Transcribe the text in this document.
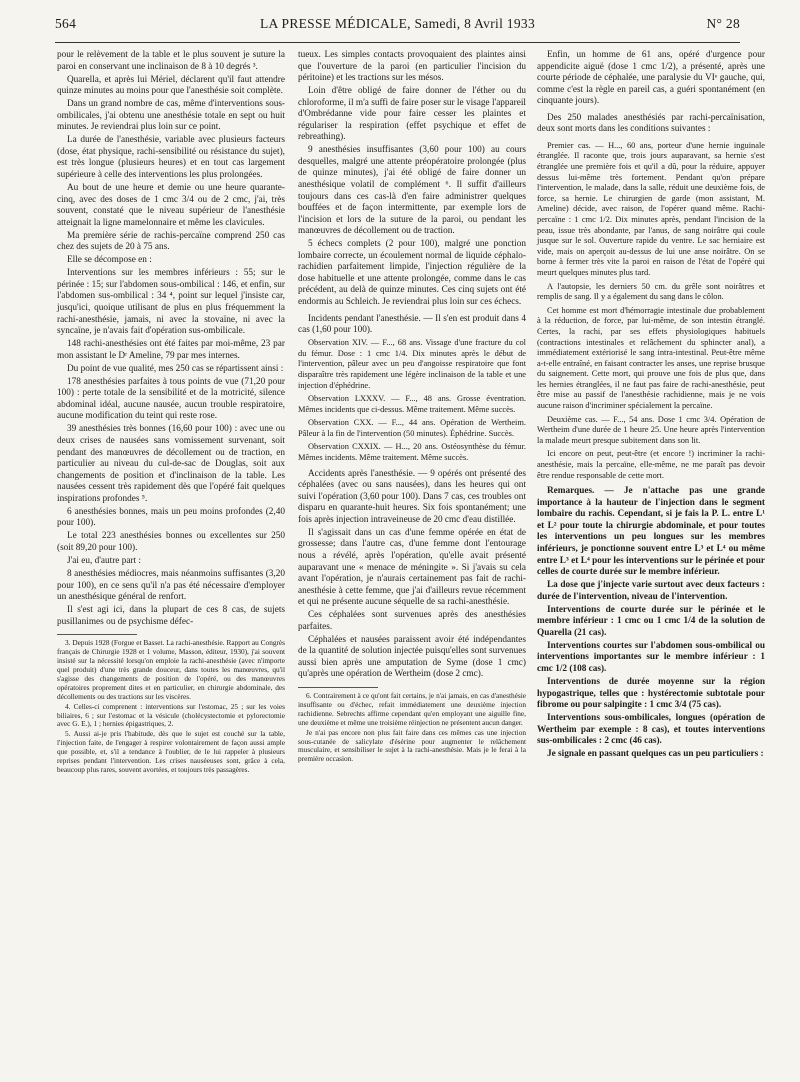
564	LA PRESSE MÉDICALE, Samedi, 8 Avril 1933	N° 28

pour le relèvement de la table et le plus souvent je suture la paroi en conservant une inclinaison de 8 à 10 degrés ³.

Quarella, et après lui Mériel, déclarent qu'il faut attendre quinze minutes au moins pour que l'anesthésie soit complète.

Dans un grand nombre de cas, même d'interventions sous-ombilicales, j'ai obtenu une anesthésie totale en sept ou huit minutes. Je reviendrai plus loin sur ce point.

La durée de l'anesthésie, variable avec plusieurs facteurs (dose, état physique, rachi-sensibilité ou résistance du sujet), est très longue (plusieurs heures) et en tout cas largement supérieure à celle des interventions les plus prolongées.

Au bout de une heure et demie ou une heure quarante-cinq, avec des doses de 1 cmc 3/4 ou de 2 cmc, j'ai, très souvent, constaté que le niveau supérieur de l'anesthésie atteignait la ligne mamelonnaire et même les clavicules.

Ma première série de rachis-percaïne comprend 250 cas chez des sujets de 20 à 75 ans.

Elle se décompose en :

Interventions sur les membres inférieurs : 55; sur le périnée : 15; sur l'abdomen sous-ombilical : 146, et enfin, sur l'abdomen sus-ombilical : 34 ⁴, point sur lequel j'insiste car, jusqu'ici, quoique utilisant de plus en plus fréquemment la rachi-anesthésie, jamais, ni avec la stovaïne, ni avec la syncaïne, je n'avais fait d'opération sus-ombilicale.

148 rachi-anesthésies ont été faites par moi-même, 23 par mon assistant le Dʳ Ameline, 79 par mes internes.

Du point de vue qualité, mes 250 cas se répartissent ainsi :

178 anesthésies parfaites à tous points de vue (71,20 pour 100) : perte totale de la sensibilité et de la motricité, silence abdominal idéal, aucune nausée, aucun trouble respiratoire, aucune modification du teint qui reste rose.

39 anesthésies très bonnes (16,60 pour 100) : avec une ou deux crises de nausées sans vomissement survenant, soit pendant des manœuvres de décollement ou de traction, en particulier au niveau du cul-de-sac de Douglas, soit aux changements de position et d'inclinaison de la table. Les nausées cessent très rapidement dès que l'opéré fait quelques inspirations profondes ⁵.

6 anesthésies bonnes, mais un peu moins profondes (2,40 pour 100).

Le total 223 anesthésies bonnes ou excellentes sur 250 (soit 89,20 pour 100).

J'ai eu, d'autre part :

8 anesthésies médiocres, mais néanmoins suffisantes (3,20 pour 100), en ce sens qu'il n'a pas été nécessaire d'employer un anesthésique général de renfort.

Il s'est agi ici, dans la plupart de ces 8 cas, de sujets pusillanimes ou de psychisme défec-

3. Depuis 1928 (Forgue et Basset. La rachi-anesthésie. Rapport au Congrès français de Chirurgie 1928 et 1 volume, Masson, éditeur, 1930), j'ai souvent insisté sur la nécessité lorsqu'on emploie la rachi-anesthésie (avec n'importe quel produit) d'une très grande douceur, dans toutes les manœuvres, qu'il s'agisse des changements de position de l'opéré, ou des manœuvres opératoires proprement dites et en particulier, en chirurgie abdominale, des décollements ou des tractions sur les viscères.

4. Celles-ci comprenent : interventions sur l'estomac, 25 ; sur les voies biliaires, 6 ; sur l'estomac et la vésicule (cholécystectomie et pylorectomie avec G. E.), 1 ; hernies épigastriques, 2.

5. Aussi ai-je pris l'habitude, dès que le sujet est couché sur la table, l'injection faite, de l'engager à respirer volontairement de façon aussi ample que possible, et, s'il a tendance à l'oublier, de le lui rappeler à plusieurs reprises pendant l'intervention. Les crises nauséeuses sont, grâce à cela, beaucoup plus rares, souvent avortées, et toujours très passagères.

tueux. Les simples contacts provoquaient des plaintes ainsi que l'ouverture de la paroi (en particulier l'incision du péritoine) et les tractions sur les mésos.

Loin d'être obligé de faire donner de l'éther ou du chloroforme, il m'a suffi de faire poser sur le visage l'appareil d'Ombrédanne vide pour faire cesser les plaintes et régulariser la respiration (effet psychique et effet de rebreathing).

9 anesthésies insuffisantes (3,60 pour 100) au cours desquelles, malgré une attente préopératoire prolongée (plus de quinze minutes), j'ai été obligé de faire donner un anesthésique volatil de complément ⁶. Il suffit d'ailleurs toujours dans ces cas-là d'en faire administrer quelques bouffées et de façon intermittente, par exemple lors de l'incision et lors de la suture de la paroi, ou pendant les manœuvres de décollement ou de traction.

5 échecs complets (2 pour 100), malgré une ponction lombaire correcte, un écoulement normal de liquide céphalo-rachidien parfaitement limpide, l'injection régulière de la dose habituelle et une attente prolongée, comme dans le cas précédent, au delà de quinze minutes. Ces cinq sujets ont été endormis au Schleich. Je reviendrai plus loin sur ces échecs.

Incidents pendant l'anesthésie. — Il s'en est produit dans 4 cas (1,60 pour 100).

Observation XIV. — F..., 68 ans. Vissage d'une fracture du col du fémur. Dose : 1 cmc 1/4. Dix minutes après le début de l'intervention, pâleur avec un peu d'angoisse respiratoire que font disparaître très rapidement une légère inclinaison de la table et une injection d'éphédrine.

Observation LXXXV. — F..., 48 ans. Grosse éventration. Mêmes incidents que ci-dessus. Même traitement. Même succès.

Observation CXX. — F..., 44 ans. Opération de Wertheim. Pâleur à la fin de l'intervention (50 minutes). Éphédrine. Succès.

Observation CXXIX. — H..., 20 ans. Ostéosynthèse du fémur. Mêmes incidents. Même traitement. Même succès.

Accidents après l'anesthésie. — 9 opérés ont présenté des céphalées (avec ou sans nausées), dans les heures qui ont suivi l'opération (3,60 pour 100). Dans 7 cas, ces troubles ont disparu en quarante-huit heures. Six fois spontanément; une fois après injection intraveineuse de 20 cmc d'eau distillée.

Il s'agissait dans un cas d'une femme opérée en état de grossesse; dans l'autre cas, d'une femme dont l'entourage nous a révélé, après l'opération, qu'elle avait présenté auparavant une « menace de méningite ». Si j'avais su cela avant l'opération, je n'aurais certainement pas fait de rachi-anesthésie à cette femme, que j'ai d'ailleurs revue récemment et qui ne présente aucune séquelle de sa rachi-anesthésie.

Ces céphalées sont survenues après des anesthésies parfaites.

Céphalées et nausées paraissent avoir été indépendantes de la quantité de solution injectée puisqu'elles sont survenues aussi bien après une amputation de Syme (dose 1 cmc) qu'après une opération de Wertheim (dose 2 cmc).

6. Contrairement à ce qu'ont fait certains, je n'ai jamais, en cas d'anesthésie insuffisante ou d'échec, refait immédiatement une deuxième injection rachidienne. Sebrechts affirme cependant qu'en employant une aiguille fine, une deuxième et même une troisième réinjection ne présentent aucun danger.

Je n'ai pas encore non plus fait faire dans ces mêmes cas une injection sous-cutanée de salicylate d'ésérine pour augmenter le relâchement musculaire, et sensibiliser le sujet à la rachi-anesthésie. Mais je le ferai à la première occasion.

Enfin, un homme de 61 ans, opéré d'urgence pour appendicite aiguë (dose 1 cmc 1/2), a présenté, après une courte période de céphalée, une paralysie du VIᵉ gauche, qui, comme c'est la règle en pareil cas, a guéri spontanément (en cinquante jours).

Des 250 malades anesthésiés par rachi-percaïnisation, deux sont morts dans les conditions suivantes :

Premier cas. — H..., 60 ans, porteur d'une hernie inguinale étranglée. Il raconte que, trois jours auparavant, sa hernie s'est étranglée une première fois et qu'il a dû, pour la réduire, appuyer dessus lui-même très fortement. Pendant qu'on prépare l'intervention, le malade, dans la salle, réduit une deuxième fois, de force, sa hernie. Le chirurgien de garde (mon assistant, M. Ameline) décide, avec raison, de l'opérer quand même. Rachi-percaïne : 1 cmc 1/2. Dix minutes après, pendant l'incision de la peau, issue très abondante, par l'anus, de sang noirâtre qui coule jusque sur le sol. Ouverture rapide du ventre. Le sac herniaire est vide, mais on aperçoit au-dessus de lui une anse noirâtre. On se borne à fermer très vite la paroi en raison de l'état de l'opéré qui meurt quelques minutes plus tard.

A l'autopsie, les derniers 50 cm. du grêle sont noirâtres et remplis de sang. Il y a également du sang dans le côlon.

Cet homme est mort d'hémorragie intestinale due probablement à la réduction, de force, par lui-même, de son intestin étranglé. Certes, la rachi, par ses effets physiologiques habituels (contractions intestinales et relâchement du sphincter anal), a immédiatement extériorisé le sang intra-intestinal. Peut-être même a-t-elle entraîné, en faisant contracter les anses, une reprise brusque du saignement. Cette mort, qui prouve une fois de plus que, dans les hernies étranglées, il ne faut pas faire de rachi-anesthésie, peut être mise au passif de l'anesthésie rachidienne, mais je ne vois aucune raison d'incriminer spécialement la percaïne.

Deuxième cas. — F..., 54 ans. Dose 1 cmc 3/4. Opération de Wertheim d'une durée de 1 heure 25. Une heure après l'intervention la malade meurt presque subitement dans son lit.

Ici encore on peut, peut-être (et encore !) incriminer la rachi-anesthésie, mais la percaïne, elle-même, ne me paraît pas devoir être rendue responsable de cette mort.

Remarques. — Je n'attache pas une grande importance à la hauteur de l'injection dans le segment lombaire du rachis. Cependant, si je fais la P. L. entre L¹ et L² pour toute la chirurgie abdominale, et pour toutes les interventions un peu longues sur les membres inférieurs, je ponctionne souvent entre L³ et L⁴ ou même entre L³ et L⁴ pour les interventions sur le périnée et pour celles de courte durée sur le membre inférieur.

La dose que j'injecte varie surtout avec deux facteurs : durée de l'intervention, niveau de l'intervention.

Interventions de courte durée sur le périnée et le membre inférieur : 1 cmc ou 1 cmc 1/4 de la solution de Quarella (21 cas).

Interventions courtes sur l'abdomen sous-ombilical ou interventions importantes sur le membre inférieur : 1 cmc 1/2 (108 cas).

Interventions de durée moyenne sur la région hypogastrique, telles que : hystérectomie subtotale pour fibrome ou pour salpingite : 1 cmc 3/4 (75 cas).

Interventions sous-ombilicales, longues (opération de Wertheim par exemple : 8 cas), et toutes interventions sus-ombilicales : 2 cmc (46 cas).

Je signale en passant quelques cas un peu particuliers :
